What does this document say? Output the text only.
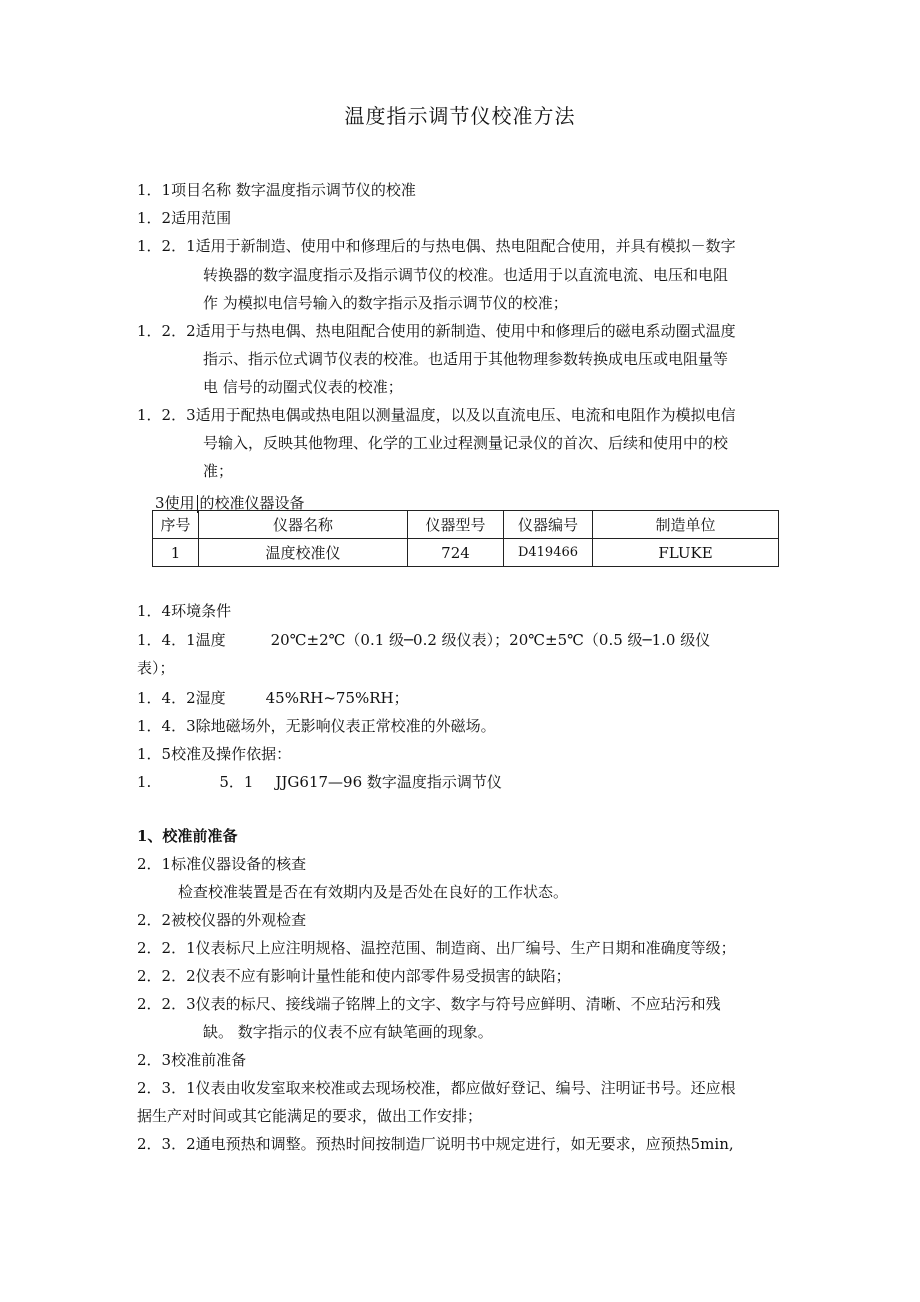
温度指示调节仪校准方法
1．1项目名称 数字温度指示调节仪的校准
1．2适用范围
1．2．1适用于新制造、使用中和修理后的与热电偶、热电阻配合使用，并具有模拟－数字
转换器的数字温度指示及指示调节仪的校准。也适用于以直流电流、电压和电阻
作 为模拟电信号输入的数字指示及指示调节仪的校准；
1．2．2适用于与热电偶、热电阻配合使用的新制造、使用中和修理后的磁电系动圈式温度
指示、指示位式调节仪表的校准。也适用于其他物理参数转换成电压或电阻量等
电 信号的动圈式仪表的校准；
1．2．3适用于配热电偶或热电阻以测量温度，以及以直流电压、电流和电阻作为模拟电信
号输入，反映其他物理、化学的工业过程测量记录仪的首次、后续和使用中的校
准；
3使用 的校准仪器设备
序号	仪器名称	仪器型号	仪器编号	制造单位
1	温度校准仪	724	D419466	FLUKE
1．4环境条件
1．4．1温度	20℃±2℃（0.1 级─0.2 级仪表）；20℃±5℃（0.5 级─1.0 级仪
表）；
1．4．2湿度	45%RH~75%RH；
1．4．3除地磁场外，无影响仪表正常校准的外磁场。
1．5校准及操作依据：
1.	5．1 JJG617—96 数字温度指示调节仪
1、校准前准备
2．1标准仪器设备的核查
检查校准装置是否在有效期内及是否处在良好的工作状态。
2．2被校仪器的外观检查
2．2．1仪表标尺上应注明规格、温控范围、制造商、出厂编号、生产日期和准确度等级；
2．2．2仪表不应有影响计量性能和使内部零件易受损害的缺陷；
2．2．3仪表的标尺、接线端子铭牌上的文字、数字与符号应鲜明、清晰、不应玷污和残
缺。 数字指示的仪表不应有缺笔画的现象。
2．3校准前准备
2．3．1仪表由收发室取来校准或去现场校准，都应做好登记、编号、注明证书号。还应根
据生产对时间或其它能满足的要求，做出工作安排；
2．3．2通电预热和调整。预热时间按制造厂说明书中规定进行，如无要求，应预热5min,
